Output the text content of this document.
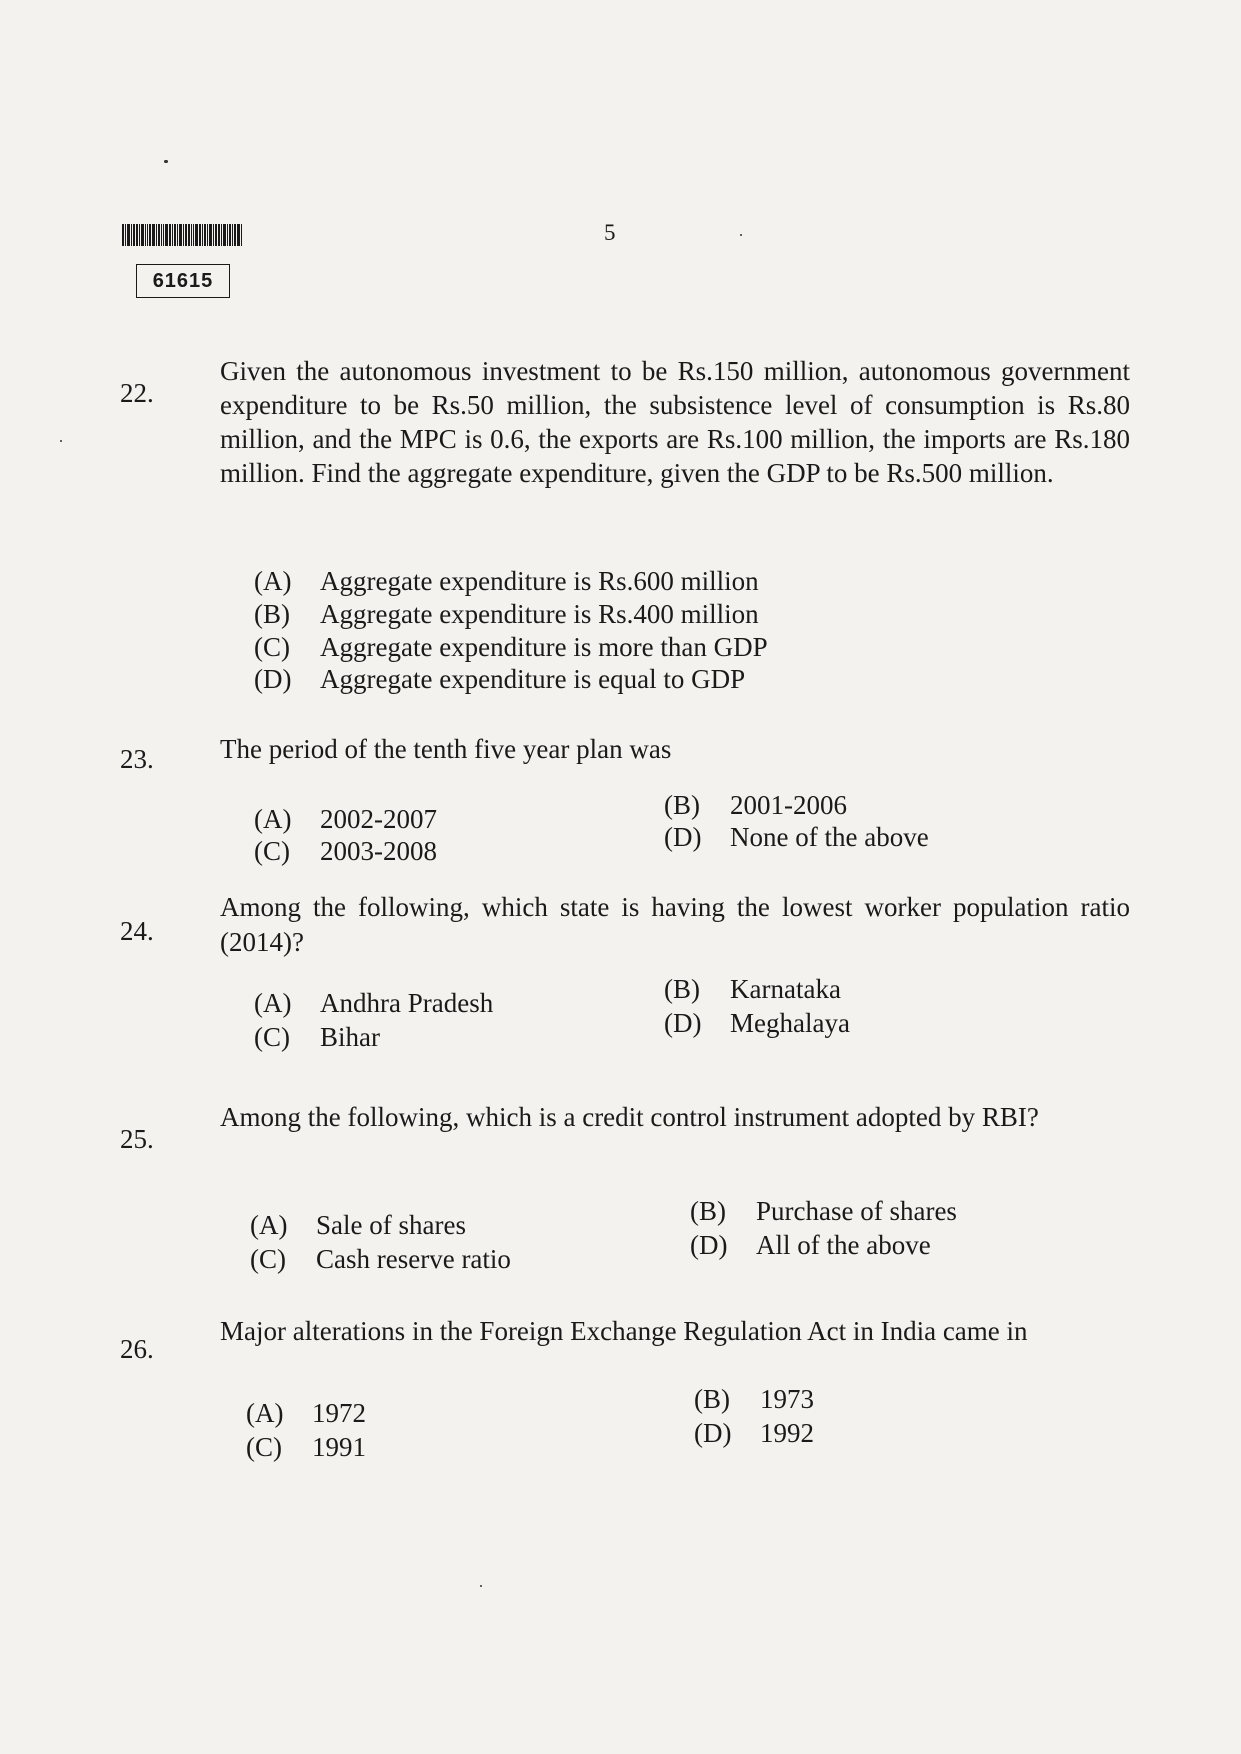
61615
5
22.
Given the autonomous investment to be Rs.150 million, autonomous government expenditure to be Rs.50 million, the subsistence level of consumption is Rs.80 million, and the MPC is 0.6, the exports are Rs.100 million, the imports are Rs.180 million. Find the aggregate expenditure, given the GDP to be Rs.500 million.
(A) Aggregate expenditure is Rs.600 million
(B) Aggregate expenditure is Rs.400 million
(C) Aggregate expenditure is more than GDP
(D) Aggregate expenditure is equal to GDP
23. The period of the tenth five year plan was
(A) 2002-2007	(B) 2001-2006
(C) 2003-2008	(D) None of the above
24.
Among the following, which state is having the lowest worker population ratio (2014)?
(A) Andhra Pradesh	(B) Karnataka
(C) Bihar	(D) Meghalaya
25.
Among the following, which is a credit control instrument adopted by RBI?
(A) Sale of shares	(B) Purchase of shares
(C) Cash reserve ratio	(D) All of the above
26.
Major alterations in the Foreign Exchange Regulation Act in India came in
(A) 1972	(B) 1973
(C) 1991	(D) 1992
